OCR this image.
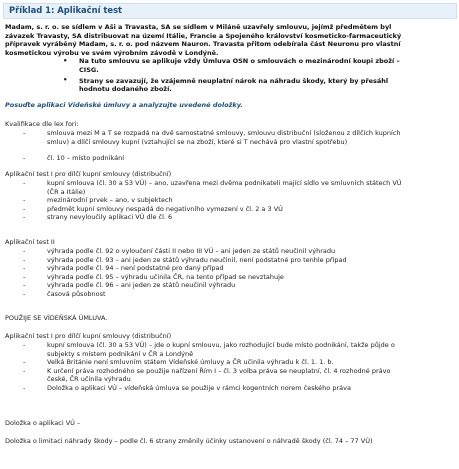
Příklad 1: Aplikační test
Madam, s. r. o. se sídlem v Aši a Travasta, SA se sídlem v Miláně uzavřely smlouvu, jejímž předmětem byl
závazek Travasty, SA distribuovat na území Itálie, Francie a Spojeného království kosmeticko-farmaceutický
přípravek vyráběný Madam, s. r. o. pod názvem Nauron. Travasta přitom odebírala část Neuronu pro vlastní
kosmetickou výrobu ve svém výrobním závodě v Londýně.
• Na tuto smlouvu se aplikuje vždy Úmluva OSN o smlouvách o mezinárodní koupi zboží –
CISG.
• Strany se zavazují, že vzájemně neuplatní nárok na náhradu škody, který by přesáhl
hodnotu dodaného zboží.
Posuďte aplikaci Vídeňské úmluvy a analyzujte uvedené doložky.
Kvalifikace dle lex fori:
-	smlouva mezi M a T se rozpadá na dvě samostatné smlouvy, smlouvu distribuční (složenou z dílčích kupních
smluv) a dílčí smlouvy kupní (vztahující se na zboží, které si T nechává pro vlastní spotřebu)
-	čl. 10 – místo podnikání
Aplikační test I pro dílčí kupní smlouvy (distribuční)
-	kupní smlouva (čl. 30 a 53 VÚ) – ano, uzavřena mezi dvěma podnikateli mající sídlo ve smluvních státech VÚ
(ČR a Itálie)
-	mezinárodní prvek – ano, v subjektech
-	předmět kupní smlouvy nespadá do negativního vymezení v čl. 2 a 3 VÚ
-	strany nevyloučily aplikaci VÚ dle čl. 6
Aplikační test II
-	výhrada podle čl. 92 o vyloučení části II nebo III VÚ – ani jeden ze států neučinil výhradu
-	výhrada podle čl. 93 – ani jeden ze států výhradu neučinil, není podstatné pro tenhle případ
-	výhrada podle čl. 94 – není podstatné pro daný případ
-	výhrada podle čl. 95 – výhradu učinila ČR, na tento případ se nevztahuje
-	výhrada podle čl. 96 – ani jeden ze států neučinil výhradu
-	časová působnost
POUŽIJE SE VÍDEŇSKÁ ÚMLUVA.
Aplikační test I pro dílčí kupní smlouvy (distribuční)
-	kupní smlouva (čl. 30 a 53 VÚ) – jde o kupní smlouvu, jako rozhodující bude místo podnikání, takže půjde o
subjekty s místem podnikání v ČR a Londýně
-	Velká Británie není smluvním státem Vídeňské úmluvy a ČR učinila výhradu k čl. 1. 1. b.
-	K určení práva rozhodného se použije nařízení Řím I – čl. 3 volba práva se neuplatní, čl. 4 rozhodné právo
české, ČR učinila výhradu
-	Doložka o aplikaci VÚ – vídeňská úmluva se použije v rámci kogentních norem českého práva
Doložka o aplikaci VÚ –
Doložka o limitaci náhrady škody – podle čl. 6 strany změnily účinky ustanovení o náhradě škody (čl. 74 – 77 VÚ)
